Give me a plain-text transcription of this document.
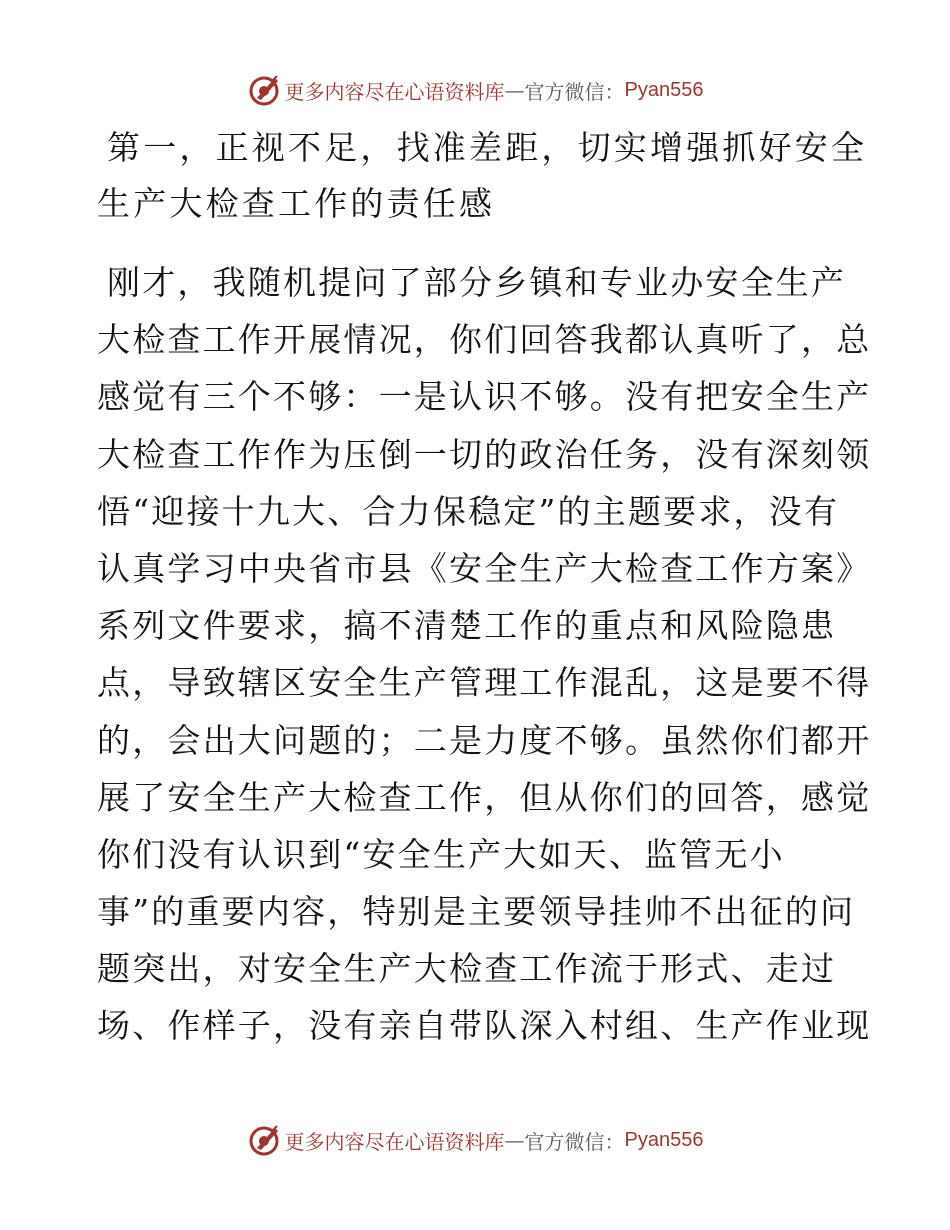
更多内容尽在心语资料库 — 官方微信： Pyan556
第一，正视不足，找准差距，切实增强抓好安全
生产大检查工作的责任感
刚才，我随机提问了部分乡镇和专业办安全生产
大检查工作开展情况，你们回答我都认真听了，总
感觉有三个不够：一是认识不够。没有把安全生产
大检查工作作为压倒一切的政治任务，没有深刻领
悟“迎接十九大、合力保稳定”的主题要求，没有
认真学习中央省市县《安全生产大检查工作方案》
系列文件要求，搞不清楚工作的重点和风险隐患
点，导致辖区安全生产管理工作混乱，这是要不得
的，会出大问题的；二是力度不够。虽然你们都开
展了安全生产大检查工作，但从你们的回答，感觉
你们没有认识到“安全生产大如天、监管无小
事”的重要内容，特别是主要领导挂帅不出征的问
题突出，对安全生产大检查工作流于形式、走过
场、作样子，没有亲自带队深入村组、生产作业现
更多内容尽在心语资料库 — 官方微信： Pyan556
